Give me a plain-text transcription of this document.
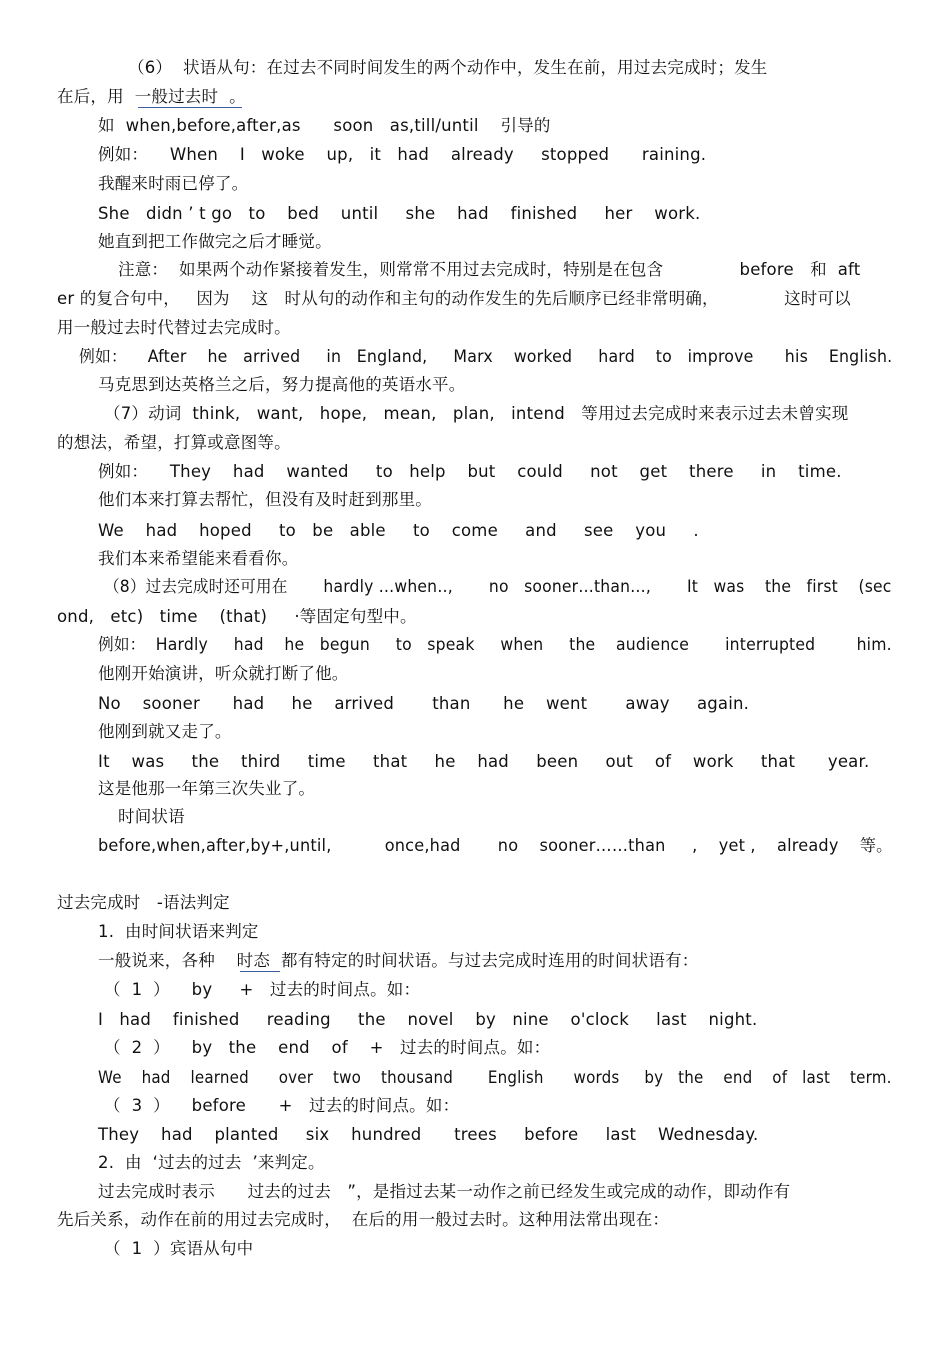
（6）  状语从句：在过去不同时间发生的两个动作中，发生在前，用过去完成时；发生
在后，用  一般过去时  。
如  when,before,after,as      soon   as,till/until    引导的
例如：    When    I   woke    up,   it   had    already     stopped      raining.
我醒来时雨已停了。
She   didn ’ t go   to    bed    until     she    had    finished     her    work.
她直到把工作做完之后才睡觉。
注意：  如果两个动作紧接着发生，则常常不用过去完成时，特别是在包含              before   和  aft
er 的复合句中，   因为    这   时从句的动作和主句的动作发生的先后顺序已经非常明确，            这时可以
用一般过去时代替过去完成时。
例如：    After    he   arrived     in   England,     Marx    worked     hard    to   improve      his    English.
马克思到达英格兰之后，努力提高他的英语水平。
（7）动词  think,   want,   hope,   mean,   plan,   intend   等用过去完成时来表示过去未曾实现
的想法，希望，打算或意图等。
例如：    They    had    wanted     to   help    but    could     not    get    there     in    time.
他们本来打算去帮忙，但没有及时赶到那里。
We    had    hoped     to   be   able     to    come     and     see    you     .
我们本来希望能来看看你。
（8）过去完成时还可用在       hardly …when‥,       no   sooner…than…,       It   was    the   first    (sec
ond,   etc)   time    (that)     ·等固定句型中。
例如：  Hardly     had    he   begun     to   speak     when     the    audience       interrupted        him.
他刚开始演讲，听众就打断了他。
No    sooner      had     he    arrived       than      he    went       away     again.
他刚到就又走了。
It    was     the    third     time     that     he    had     been     out    of    work     that      year.
这是他那一年第三次失业了。
时间状语
before,when,after,by+,until,          once,had       no    sooner……than     ,    yet ,    already    等。
过去完成时   -语法判定
1.  由时间状语来判定
一般说来，各种    时态  都有特定的时间状语。与过去完成时连用的时间状语有：
（  1  ）    by     +   过去的时间点。如：
I   had    finished     reading     the    novel    by   nine    o'clock     last    night.
（  2  ）    by   the    end    of    +   过去的时间点。如：
We    had    learned      over    two    thousand       English      words     by   the    end    of   last    term.
（  3  ）    before      +   过去的时间点。如：
They    had    planted     six    hundred      trees     before     last    Wednesday.
2.  由  ‘过去的过去  ’来判定。
过去完成时表示      过去的过去   ”，是指过去某一动作之前已经发生或完成的动作，即动作有
先后关系，动作在前的用过去完成时，  在后的用一般过去时。这种用法常出现在：
（  1  ）宾语从句中
